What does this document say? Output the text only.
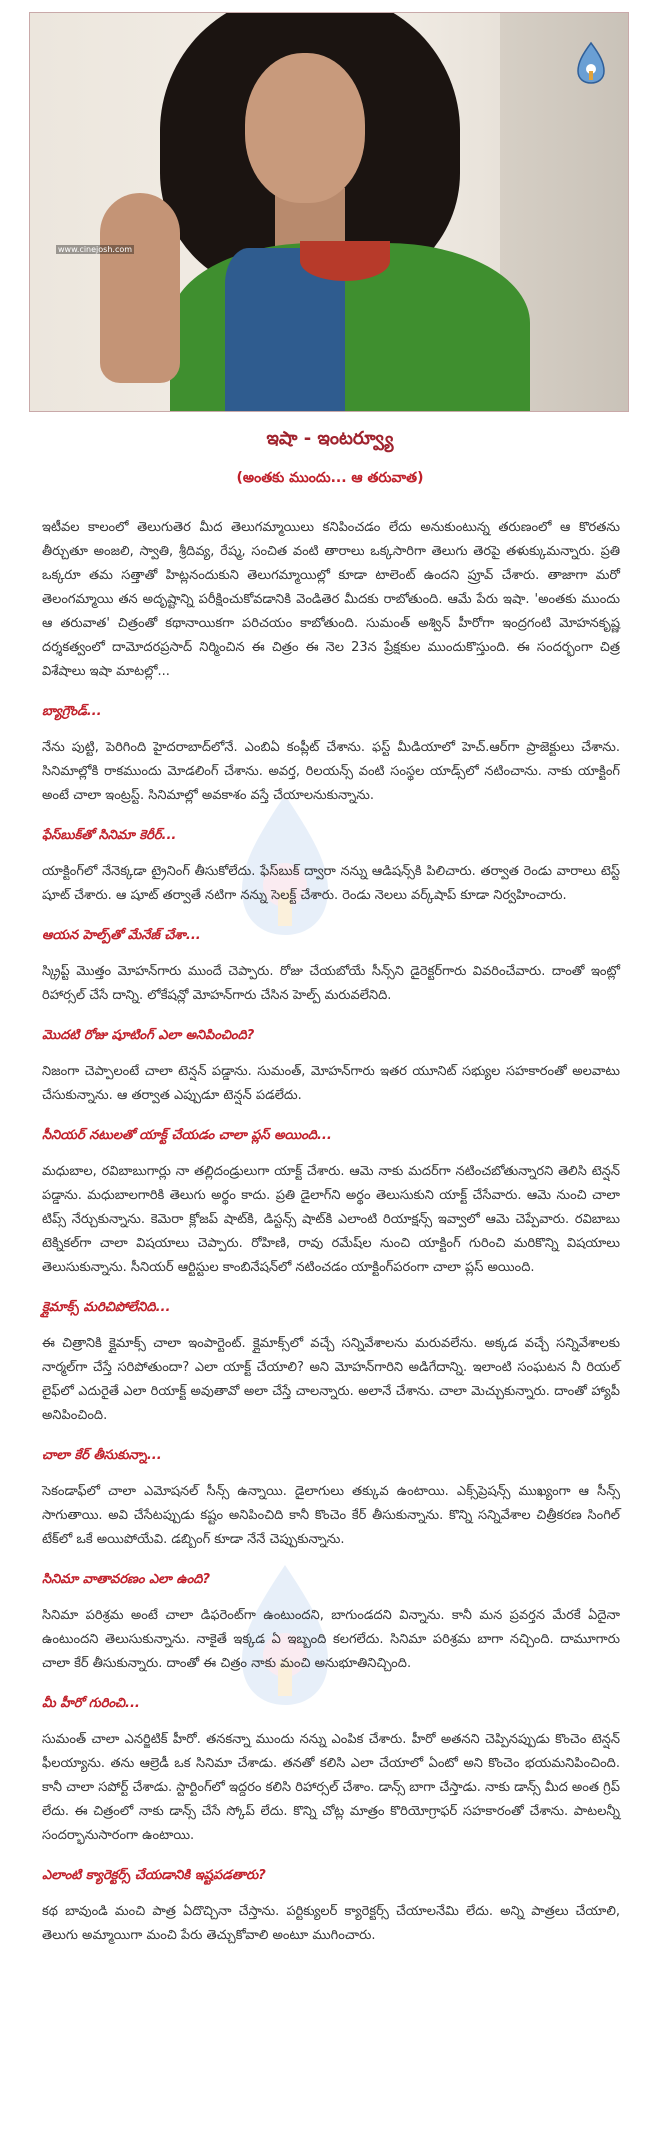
www.cinejosh.com
ఇషా - ఇంటర్వ్యూ
(అంతకు ముందు... ఆ తరువాత)

ఇటీవల కాలంలో తెలుగుతెర మీద తెలుగమ్మాయిలు కనిపించడం లేదు అనుకుంటున్న తరుణంలో ఆ కొరతను తీర్చుతూ అంజలి, స్వాతి, శ్రీదివ్య, రేష్మ, సంచిత వంటి తారాలు ఒక్కసారిగా తెలుగు తెరపై తళుక్కుమన్నారు. ప్రతి ఒక్కరూ తమ సత్తాతో హిట్లనందుకుని తెలుగమ్మాయిల్లో కూడా టాలెంట్ ఉందని ప్రూవ్ చేశారు. తాజాగా మరో తెలంగమ్మాయి తన అదృష్టాన్ని పరీక్షించుకోవడానికి వెండితెర మీదకు రాబోతుంది. ఆమే పేరు ఇషా. 'అంతకు ముందు ఆ తరువాత' చిత్రంతో కథానాయికగా పరిచయం కాబోతుంది. సుమంత్ అశ్విన్ హీరోగా ఇంద్రగంటి మోహనకృష్ణ దర్శకత్వంలో దామోదరప్రసాద్ నిర్మించిన ఈ చిత్రం ఈ నెల 23న ప్రేక్షకుల ముందుకొస్తుంది. ఈ సందర్భంగా చిత్ర విశేషాలు ఇషా మాటల్లో...

బ్యాగ్రౌండ్...

నేను పుట్టి, పెరిగింది హైదరాబాద్‌లోనే. ఎంబిఏ కంప్లీట్ చేశాను. ఫస్ట్ మీడియాలో హెచ్.ఆర్‌గా ప్రాజెక్టులు చేశాను. సినిమాల్లోకి రాకముందు మోడలింగ్ చేశాను. అవర్త, రిలయన్స్ వంటి సంస్థల యాడ్స్‌లో నటించాను. నాకు యాక్టింగ్ అంటే చాలా ఇంట్రస్ట్. సినిమాల్లో అవకాశం వస్తే చేయాలనుకున్నాను.

ఫేస్‌బుక్‌తో సినిమా కెరీర్...

యాక్టింగ్‌లో నేనెక్కడా ట్రైనింగ్ తీసుకోలేదు. ఫేస్‌బుక్ ద్వారా నన్ను ఆడిషన్స్‌కి పిలిచారు. తర్వాత రెండు వారాలు టెస్ట్ షూట్ చేశారు. ఆ షూట్ తర్వాతే నటిగా నన్ను సెలక్ట్ చేశారు. రెండు నెలలు వర్క్‌షాప్ కూడా నిర్వహించారు.

ఆయన హెల్ప్‌తో మేనేజ్ చేశా...

స్క్రిప్ట్ మొత్తం మోహన్‌గారు ముందే చెప్పారు. రోజు చేయబోయే సీన్స్‌ని డైరెక్టర్‌గారు వివరించేవారు. దాంతో ఇంట్లో రిహార్సల్ చేసే దాన్ని. లోకేషన్లో మోహన్‌గారు చేసిన హెల్ప్ మరువలేనిది.

మొదటి రోజు షూటింగ్ ఎలా అనిపించింది?

నిజంగా చెప్పాలంటే చాలా టెన్షన్ పడ్డాను. సుమంత్, మోహన్‌గారు ఇతర యూనిట్ సభ్యుల సహకారంతో అలవాటు చేసుకున్నాను. ఆ తర్వాత ఎప్పుడూ టెన్షన్ పడలేదు.

సీనియర్ నటులతో యాక్ట్ చేయడం చాలా ప్లస్ అయింది...

మధుబాల, రవిబాబుగార్లు నా తల్లిదండ్రులుగా యాక్ట్ చేశారు. ఆమె నాకు మదర్‌గా నటించబోతున్నారని తెలిసి టెన్షన్ పడ్డాను. మధుబాలగారికి తెలుగు అర్థం కాదు. ప్రతి డైలాగ్‌ని అర్థం తెలుసుకుని యాక్ట్ చేసేవారు. ఆమె నుంచి చాలా టిప్స్ నేర్చుకున్నాను. కెమెరా క్లోజప్ షాట్‌కి, డిస్టన్స్ షాట్‌కి ఎలాంటి రియాక్షన్స్ ఇవ్వాలో ఆమె చెప్పేవారు. రవిబాబు టెక్నికల్‌గా చాలా విషయాలు చెప్పారు. రోహిణి, రావు రమేష్‌ల నుంచి యాక్టింగ్ గురించి మరికొన్ని విషయాలు తెలుసుకున్నాను. సీనియర్ ఆర్టిస్టుల కాంబినేషన్‌లో నటించడం యాక్టింగ్‌పరంగా చాలా ప్లస్ అయింది.

క్లైమాక్స్ మరిచిపోలేనిది...

ఈ చిత్రానికి క్లైమాక్స్ చాలా ఇంపార్టెంట్. క్లైమాక్స్‌లో వచ్చే సన్నివేశాలను మరువలేను. అక్కడ వచ్చే సన్నివేశాలకు నార్మల్‌గా చేస్తే సరిపోతుందా? ఎలా యాక్ట్ చేయాలి? అని మోహన్‌గారిని అడిగేదాన్ని. ఇలాంటి సంఘటన నీ రియల్ లైఫ్‌లో ఎదురైతే ఎలా రియాక్ట్ అవుతావో అలా చేస్తే చాలన్నారు. అలానే చేశాను. చాలా మెచ్చుకున్నారు. దాంతో హ్యాపీ అనిపించింది.

చాలా కేర్ తీసుకున్నా...

సెకండాఫ్‌లో చాలా ఎమోషనల్ సీన్స్ ఉన్నాయి. డైలాగులు తక్కువ ఉంటాయి. ఎక్స్‌ప్రెషన్స్ ముఖ్యంగా ఆ సీన్స్ సాగుతాయి. అవి చేసేటప్పుడు కష్టం అనిపించిది కానీ కొంచెం కేర్ తీసుకున్నాను. కొన్ని సన్నివేశాల చిత్రీకరణ సింగిల్ టేక్‌లో ఒకే అయిపోయేవి. డబ్బింగ్ కూడా నేనే చెప్పుకున్నాను.

సినిమా వాతావరణం ఎలా ఉంది?

సినిమా పరిశ్రమ అంటే చాలా డిఫరెంట్‌గా ఉంటుందని, బాగుండదని విన్నాను. కానీ మన ప్రవర్తన మేరకే ఏదైనా ఉంటుందని తెలుసుకున్నాను. నాకైతే ఇక్కడ ఏ ఇబ్బంది కలగలేదు. సినిమా పరిశ్రమ బాగా నచ్చింది. దామూగారు చాలా కేర్ తీసుకున్నారు. దాంతో ఈ చిత్రం నాకు మంచి అనుభూతినిచ్చింది.

మీ హీరో గురించి...

సుమంత్ చాలా ఎనర్జిటిక్ హీరో. తనకన్నా ముందు నన్ను ఎంపిక చేశారు. హీరో అతనని చెప్పినప్పుడు కొంచెం టెన్షన్ ఫీలయ్యాను. తను ఆల్రెడీ ఒక సినిమా చేశాడు. తనతో కలిసి ఎలా చేయాలో ఏంటో అని కొంచెం భయమనిపించింది. కానీ చాలా సపోర్ట్ చేశాడు. స్టార్టింగ్‌లో ఇద్దరం కలిసి రిహార్సల్ చేశాం. డాన్స్ బాగా చేస్తాడు. నాకు డాన్స్ మీద అంత గ్రిప్ లేదు. ఈ చిత్రంలో నాకు డాన్స్ చేసే స్కోప్ లేదు. కొన్ని చోట్ల మాత్రం కొరియోగ్రాఫర్ సహకారంతో చేశాను. పాటలన్నీ సందర్భానుసారంగా ఉంటాయి.

ఎలాంటి క్యారెక్టర్స్ చేయడానికి ఇష్టపడతారు?

కథ బావుండి మంచి పాత్ర ఏదొచ్చినా చేస్తాను. పర్టిక్యులర్ క్యారెక్టర్స్ చేయాలనేమి లేదు. అన్ని పాత్రలు చేయాలి, తెలుగు అమ్మాయిగా మంచి పేరు తెచ్చుకోవాలి అంటూ ముగించారు.
